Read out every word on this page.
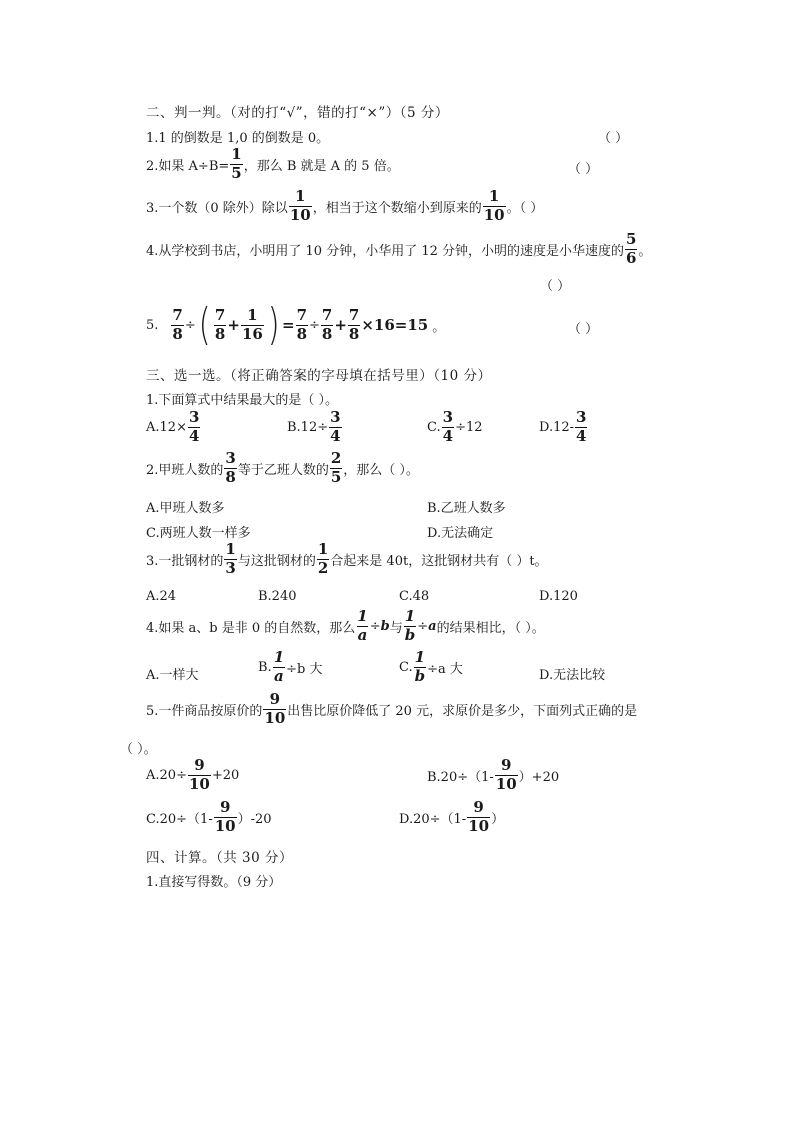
二、判一判。（对的打“√”，错的打“×”）（5 分）
1.1 的倒数是 1,0 的倒数是 0。	（ ）
2.如果 $A\div B= \frac{1}{5}$ ，那么 B 就是 A 的 5 倍。	（ ）
3.一个数（0 除外）除以 $\frac{1}{10}$ ，相当于这个数缩小到原来的 $\frac{1}{10}$ 。（ ）
4.从学校到书店，小明用了 10 分钟，小华用了 12 分钟，小明的速度是小华速度的 $\frac{5}{6}$ 。
（ ）
5. $\frac{7}{8}$ ÷ ( $\frac{7}{8} + \frac{1}{16}$ ) = $\frac{7}{8} \div \frac{7}{8} + \frac{7}{8} \times 16=15$ 。	（ ）
三、选一选。（将正确答案的字母填在括号里）（10 分）
1.下面算式中结果最大的是（ ）。
$A.12\times \frac{3}{4}$	$B.12\div \frac{3}{4}$	C. $\frac{3}{4} \div 12$	$D.12- \frac{3}{4}$
2.甲班人数的 $\frac{3}{8}$ 等于乙班人数的 $\frac{2}{5}$ ，那么（ ）。
A.甲班人数多	B.乙班人数多
C.两班人数一样多	D.无法确定
3.一批钢材的 $\frac{1}{3}$ 与这批钢材的 $\frac{1}{2}$ 合起来是 40t，这批钢材共有（ ）t。
A.24	B.240	C.48	D.120
4.如果 a、b 是非 0 的自然数，那么 $\frac{1}{a} \div b$ 与 $\frac{1}{b} \div a$ 的结果相比，（ ）。
A.一样大
B. $\frac{1}{a} \div b$ 大	C. $\frac{1}{b} \div a$ 大	D.无法比较
5.一件商品按原价的 $\frac{9}{10}$ 出售比原价降低了 20 元，求原价是多少，下面列式正确的是
（ ）。
$A.20\div \frac{9}{10} +20$	$B.20\div(1- \frac{9}{10} )+20$
$C.20\div(1- \frac{9}{10} )-20$	$D.20\div(1- \frac{9}{10}$ ）
四、计算。（共 30 分）
1.直接写得数。（9 分）
